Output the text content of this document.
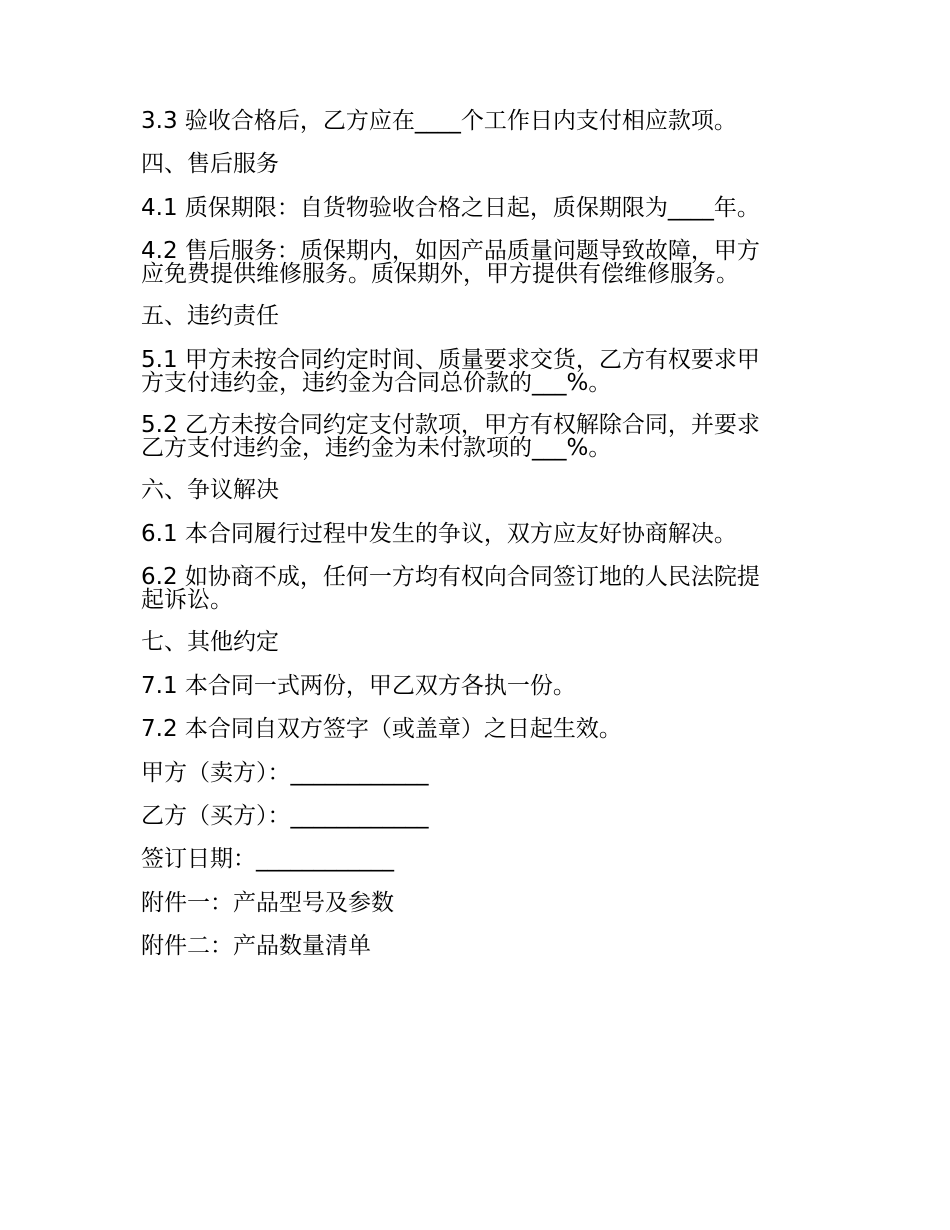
3.3 验收合格后，乙方应在____个工作日内支付相应款项。
四、售后服务
4.1 质保期限：自货物验收合格之日起，质保期限为____年。
4.2 售后服务：质保期内，如因产品质量问题导致故障，甲方
应免费提供维修服务。质保期外，甲方提供有偿维修服务。
五、违约责任
5.1 甲方未按合同约定时间、质量要求交货，乙方有权要求甲
方支付违约金，违约金为合同总价款的___%。
5.2 乙方未按合同约定支付款项，甲方有权解除合同，并要求
乙方支付违约金，违约金为未付款项的___%。
六、争议解决
6.1 本合同履行过程中发生的争议，双方应友好协商解决。
6.2 如协商不成，任何一方均有权向合同签订地的人民法院提
起诉讼。
七、其他约定
7.1 本合同一式两份，甲乙双方各执一份。
7.2 本合同自双方签字（或盖章）之日起生效。
甲方（卖方）：____________
乙方（买方）：____________
签订日期：____________
附件一：产品型号及参数
附件二：产品数量清单
